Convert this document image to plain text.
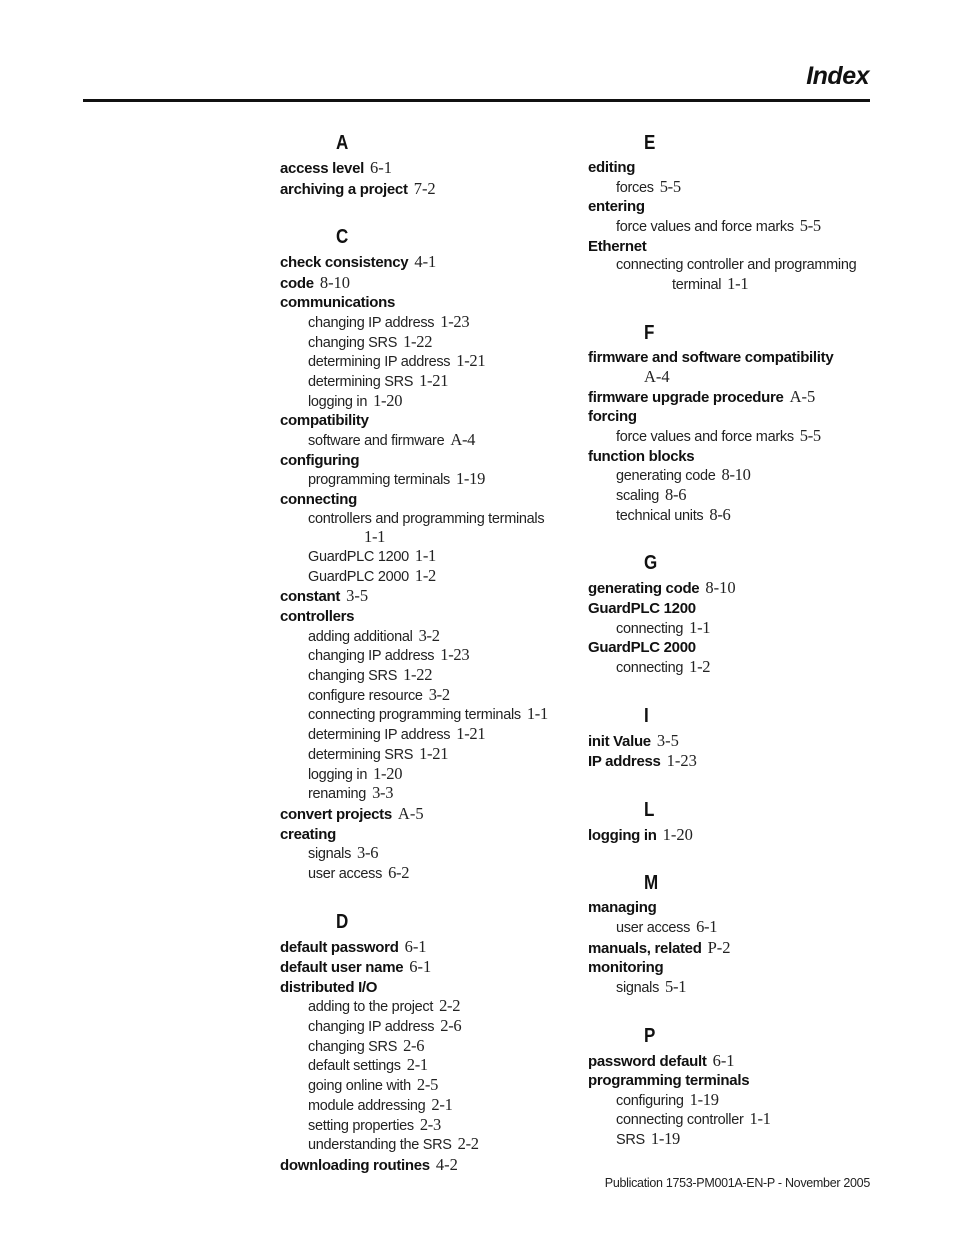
Index
A
access level 6-1
archiving a project 7-2
C
check consistency 4-1
code 8-10
communications
changing IP address 1-23
changing SRS 1-22
determining IP address 1-21
determining SRS 1-21
logging in 1-20
compatibility
software and firmware A-4
configuring
programming terminals 1-19
connecting
controllers and programming terminals
1-1
GuardPLC 1200 1-1
GuardPLC 2000 1-2
constant 3-5
controllers
adding additional 3-2
changing IP address 1-23
changing SRS 1-22
configure resource 3-2
connecting programming terminals 1-1
determining IP address 1-21
determining SRS 1-21
logging in 1-20
renaming 3-3
convert projects A-5
creating
signals 3-6
user access 6-2
D
default password 6-1
default user name 6-1
distributed I/O
adding to the project 2-2
changing IP address 2-6
changing SRS 2-6
default settings 2-1
going online with 2-5
module addressing 2-1
setting properties 2-3
understanding the SRS 2-2
downloading routines 4-2
E
editing
forces 5-5
entering
force values and force marks 5-5
Ethernet
connecting controller and programming
terminal 1-1
F
firmware and software compatibility
A-4
firmware upgrade procedure A-5
forcing
force values and force marks 5-5
function blocks
generating code 8-10
scaling 8-6
technical units 8-6
G
generating code 8-10
GuardPLC 1200
connecting 1-1
GuardPLC 2000
connecting 1-2
I
init Value 3-5
IP address 1-23
L
logging in 1-20
M
managing
user access 6-1
manuals, related P-2
monitoring
signals 5-1
P
password default 6-1
programming terminals
configuring 1-19
connecting controller 1-1
SRS 1-19
Publication 1753-PM001A-EN-P - November 2005
